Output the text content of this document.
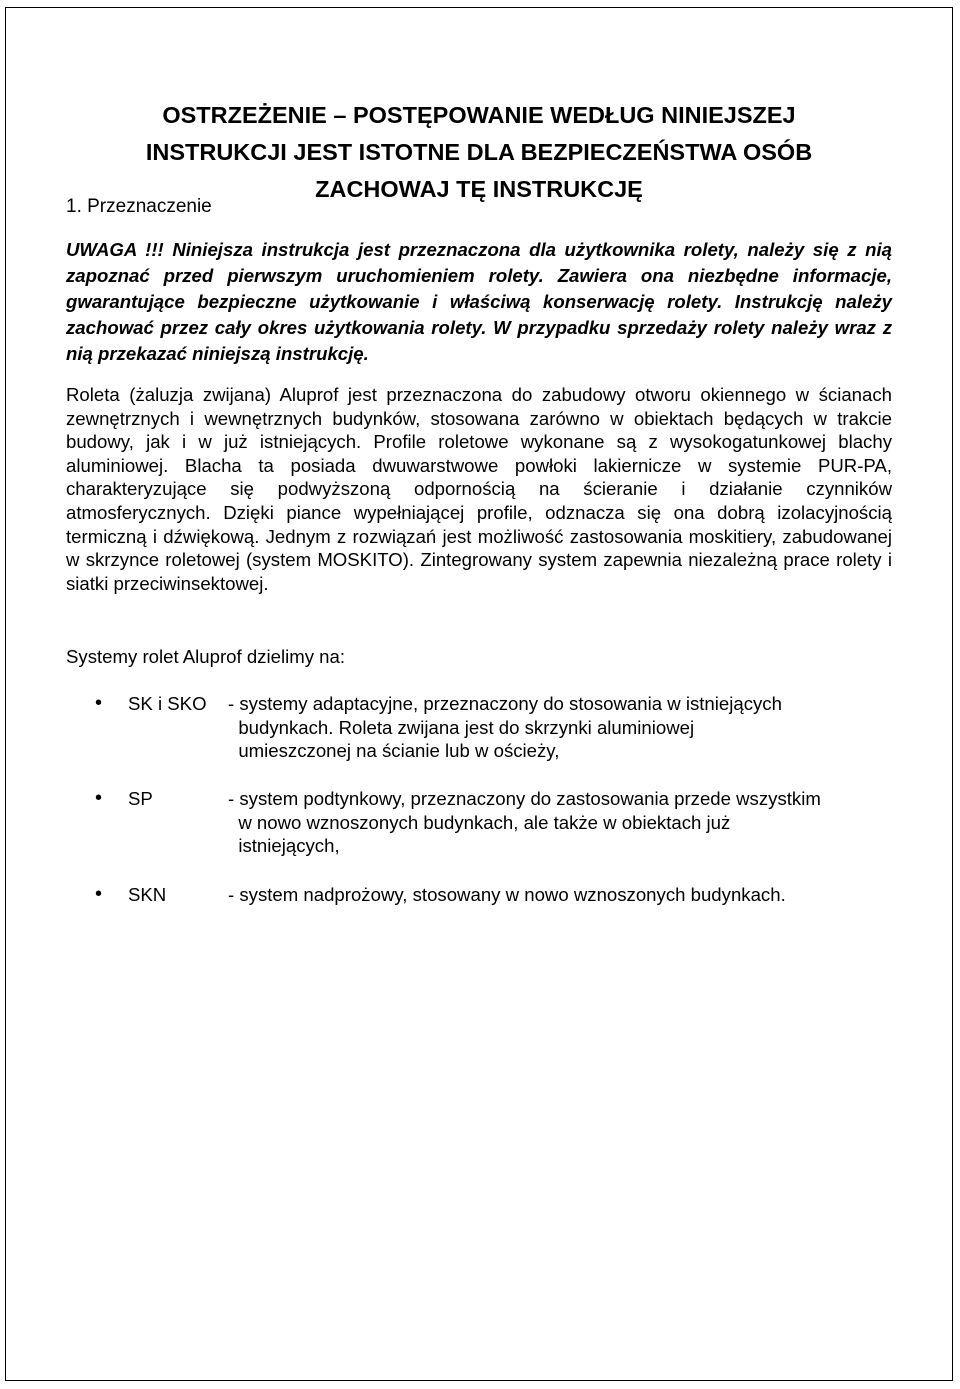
OSTRZEŻENIE – POSTĘPOWANIE WEDŁUG NINIEJSZEJ
INSTRUKCJI JEST ISTOTNE DLA BEZPIECZEŃSTWA OSÓB
ZACHOWAJ TĘ INSTRUKCJĘ
1. Przeznaczenie

UWAGA !!! Niniejsza instrukcja jest przeznaczona dla użytkownika rolety, należy się z nią zapoznać przed pierwszym uruchomieniem rolety. Zawiera ona niezbędne informacje, gwarantujące bezpieczne użytkowanie i właściwą konserwację rolety. Instrukcję należy zachować przez cały okres użytkowania rolety. W przypadku sprzedaży rolety należy wraz z nią przekazać niniejszą instrukcję.

Roleta (żaluzja zwijana) Aluprof jest przeznaczona do zabudowy otworu okiennego w ścianach zewnętrznych i wewnętrznych budynków, stosowana zarówno w obiektach będących w trakcie budowy, jak i w już istniejących. Profile roletowe wykonane są z wysokogatunkowej blachy aluminiowej. Blacha ta posiada dwuwarstwowe powłoki lakiernicze w systemie PUR-PA, charakteryzujące się podwyższoną odpornością na ścieranie i działanie czynników atmosferycznych. Dzięki piance wypełniającej profile, odznacza się ona dobrą izolacyjnością termiczną i dźwiękową. Jednym z rozwiązań jest możliwość zastosowania moskitiery, zabudowanej w skrzynce roletowej (system MOSKITO). Zintegrowany system zapewnia niezależną prace rolety i siatki przeciwinsektowej.

Systemy rolet Aluprof dzielimy na:

• SK i SKO - systemy adaptacyjne, przeznaczony do stosowania w istniejących
budynkach. Roleta zwijana jest do skrzynki aluminiowej
umieszczonej na ścianie lub w ościeży,
• SP	- system podtynkowy, przeznaczony do zastosowania przede wszystkim
w nowo wznoszonych budynkach, ale także w obiektach już
istniejących,
• SKN	- system nadprożowy, stosowany w nowo wznoszonych budynkach.
